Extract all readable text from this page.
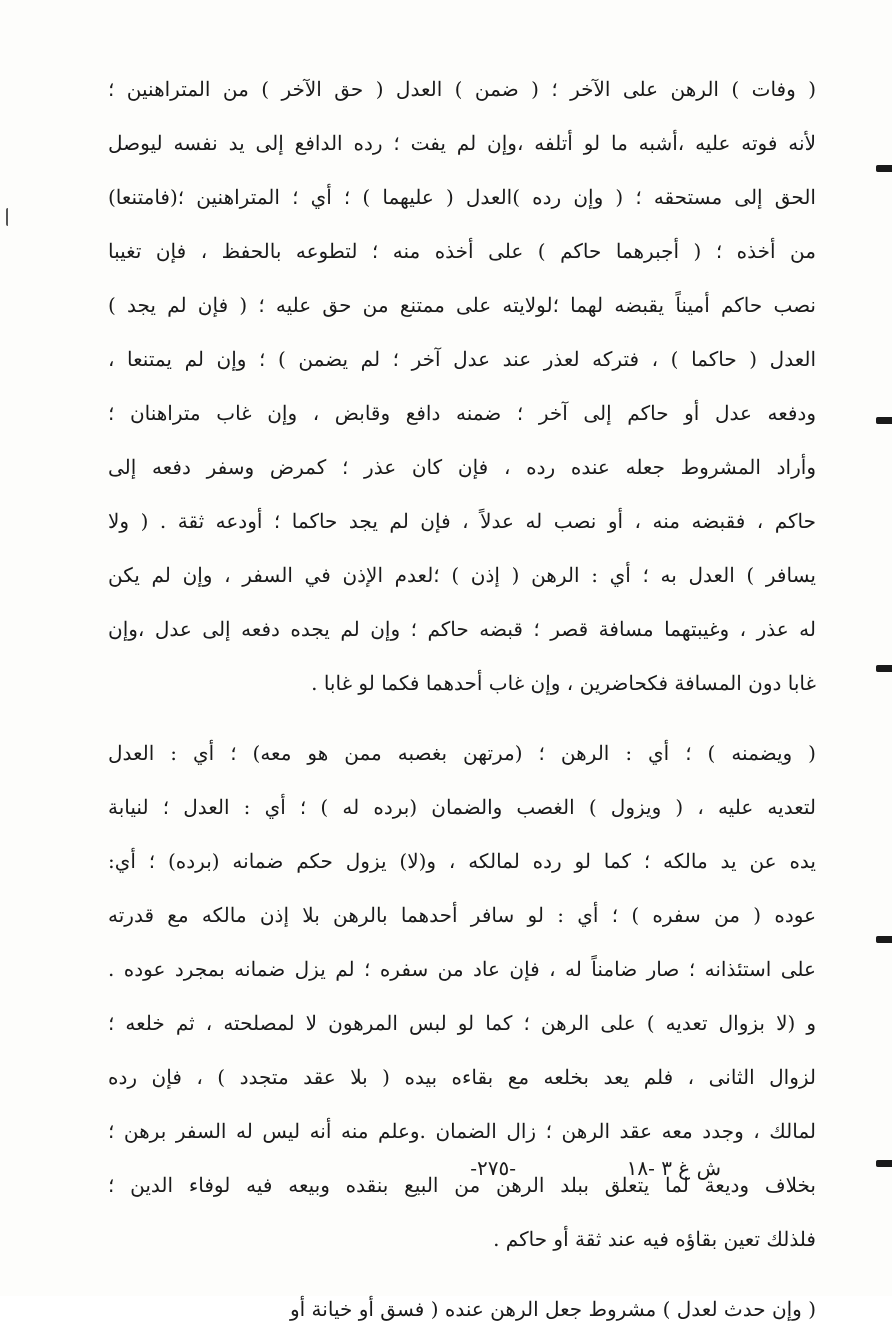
( وفات ) الرهن على الآخر ؛ ( ضمن ) العدل ( حق الآخر ) من المتراهنين ؛
لأنه فوته عليه ،أشبه ما لو أتلفه ،وإن لم يفت ؛ رده الدافع إلى يد نفسه ليوصل
الحق إلى مستحقه ؛ ( وإن رده )العدل ( عليهما ) ؛ أي ؛ المتراهنين ؛(فامتنعا)
من أخذه ؛ ( أجبرهما حاكم ) على أخذه منه ؛ لتطوعه بالحفظ ، فإن تغيبا
نصب حاكم أميناً يقبضه لهما ؛لولايته على ممتنع من حق عليه ؛ ( فإن لم يجد )
العدل ( حاكما ) ، فتركه لعذر عند عدل آخر ؛ لم يضمن ) ؛ وإن لم يمتنعا ،
ودفعه عدل أو حاكم إلى آخر ؛ ضمنه دافع وقابض ، وإن غاب متراهنان ؛
وأراد المشروط جعله عنده رده ، فإن كان عذر ؛ كمرض وسفر دفعه إلى
حاكم ، فقبضه منه ، أو نصب له عدلاً ، فإن لم يجد حاكما ؛ أودعه ثقة . ( ولا
يسافر ) العدل به ؛ أي : الرهن ( إذن ) ؛لعدم الإذن في السفر ، وإن لم يكن
له عذر ، وغيبتهما مسافة قصر ؛ قبضه حاكم ؛ وإن لم يجده دفعه إلى عدل ،وإن
غابا دون المسافة فكحاضرين ، وإن غاب أحدهما فكما لو غابا .
( ويضمنه ) ؛ أي : الرهن ؛ (مرتهن بغصبه ممن هو معه) ؛ أي : العدل
لتعديه عليه ، ( ويزول ) الغصب والضمان (برده له ) ؛ أي : العدل ؛ لنيابة
يده عن يد مالكه ؛ كما لو رده لمالكه ، و(لا) يزول حكم ضمانه (برده) ؛ أي:
عوده ( من سفره ) ؛ أي : لو سافر أحدهما بالرهن بلا إذن مالكه مع قدرته
على استئذانه ؛ صار ضامناً له ، فإن عاد من سفره ؛ لم يزل ضمانه بمجرد عوده .
و (لا بزوال تعديه ) على الرهن ؛ كما لو لبس المرهون لا لمصلحته ، ثم خلعه ؛
لزوال الثانى ، فلم يعد بخلعه مع بقاءه بيده ( بلا عقد متجدد ) ، فإن رده
لمالك ، وجدد معه عقد الرهن ؛ زال الضمان .وعلم منه أنه ليس له السفر برهن ؛
بخلاف وديعة لما يتعلق ببلد الرهن من البيع بنقده وبيعه فيه لوفاء الدين ؛
فلذلك تعين بقاؤه فيه عند ثقة أو حاكم .
( وإن حدث لعدل ) مشروط جعل الرهن عنده ( فسق أو خيانة أو
ش غ ٣ -١٨
-٢٧٥-
